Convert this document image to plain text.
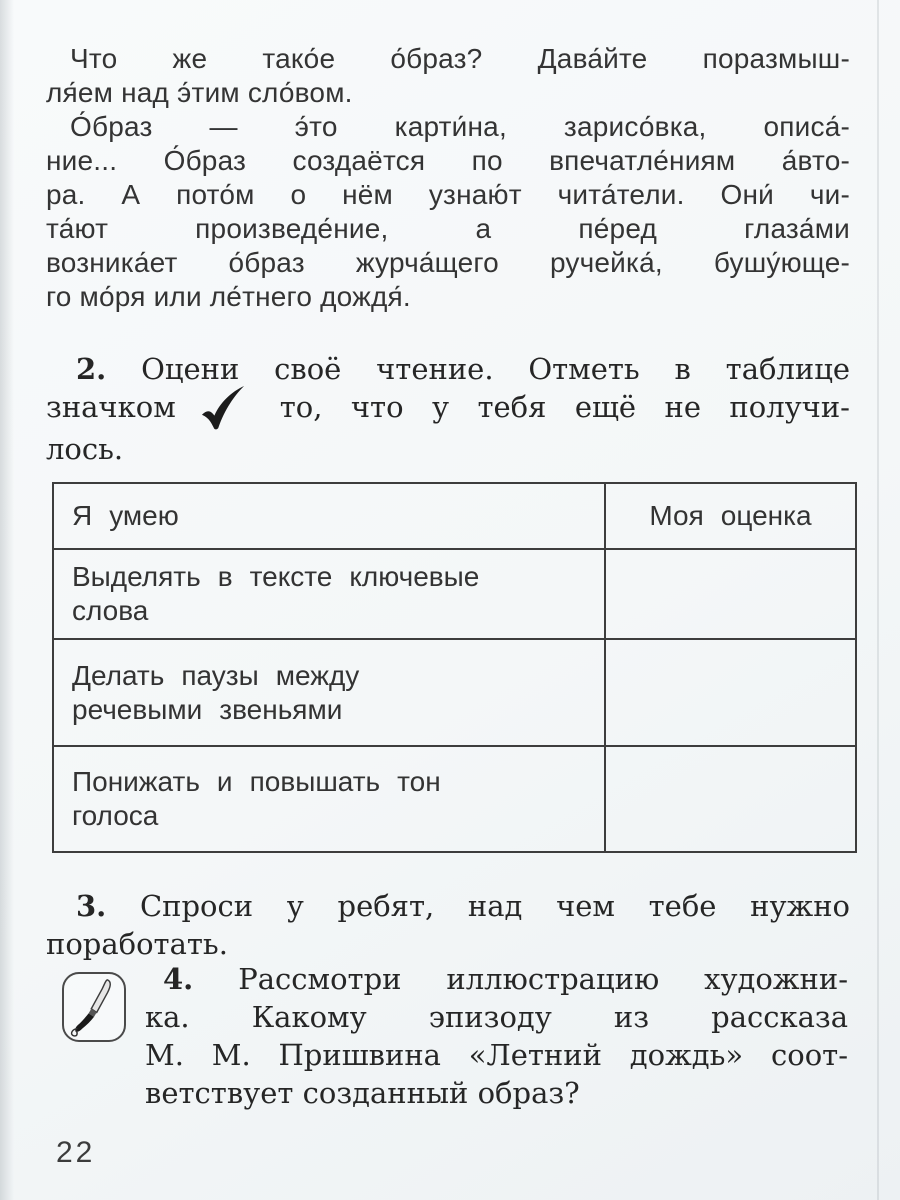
Что же тако́е о́браз? Дава́йте поразмыш-
ля́ем над э́тим сло́вом.
О́браз — э́то карти́на, зарисо́вка, описа́-
ние... О́браз создаётся по впечатле́ниям а́вто-
ра. А пото́м о нём узнаю́т чита́тели. Они́ чи-
та́ют произведе́ние, а пе́ред глаза́ми
возника́ет о́браз журча́щего ручейка́, бушу́юще-
го мо́ря или ле́тнего дождя́.
2. Оцени своё чтение. Отметь в таблице
значком	то, что у тебя ещё не получи-
лось.
Я умею	Моя оценка
Выделять в тексте ключевые
слова
Делать паузы между
речевыми звеньями
Понижать и повышать тон
голоса
3. Спроси у ребят, над чем тебе нужно
поработать.
4. Рассмотри иллюстрацию художни-
ка. Какому эпизоду из рассказа
М. М. Пришвина «Летний дождь» соот-
ветствует созданный образ?
22
